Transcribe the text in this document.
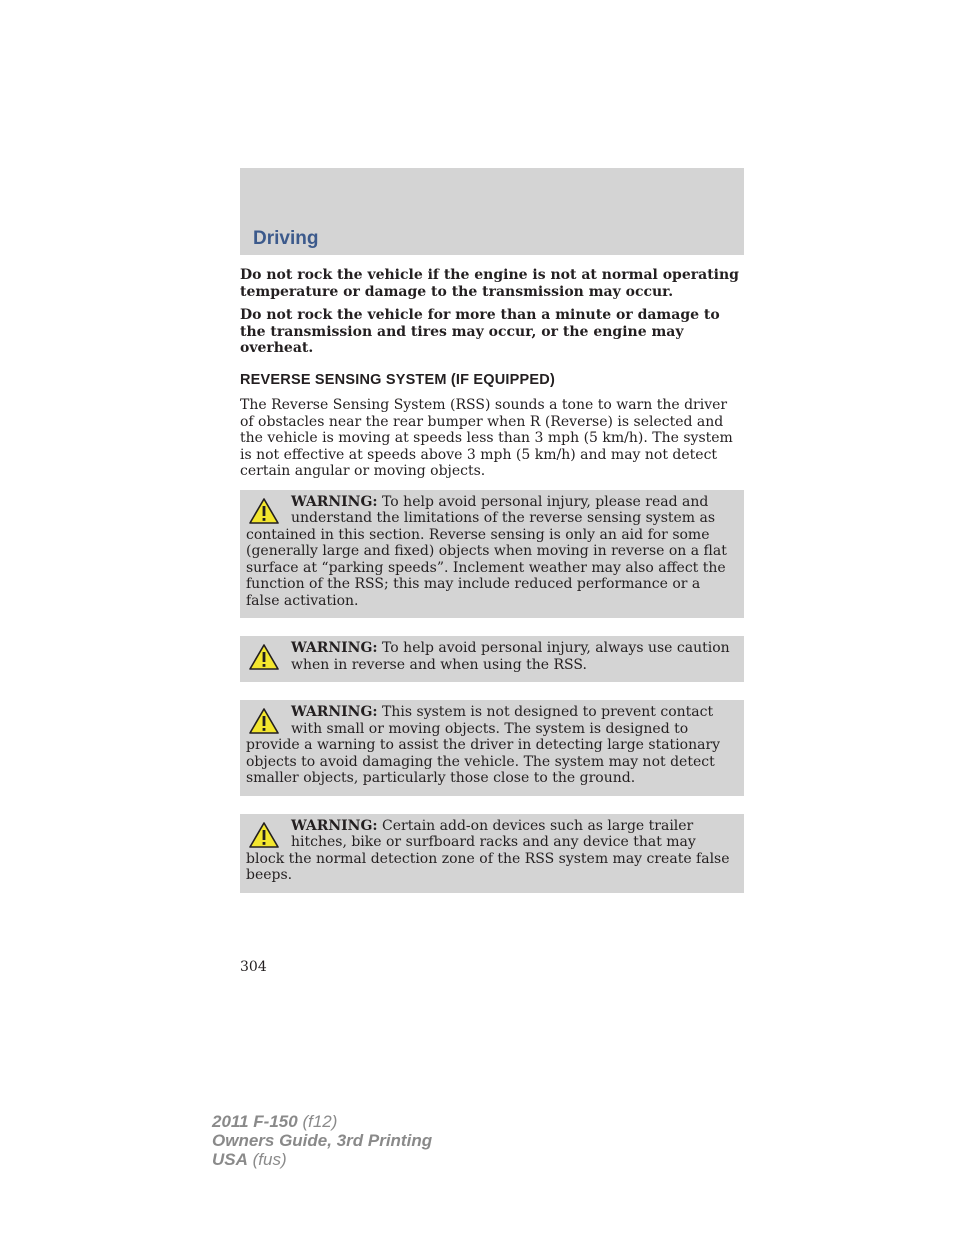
Driving

Do not rock the vehicle if the engine is not at normal operating temperature or damage to the transmission may occur.

Do not rock the vehicle for more than a minute or damage to the transmission and tires may occur, or the engine may overheat.

REVERSE SENSING SYSTEM (IF EQUIPPED)

The Reverse Sensing System (RSS) sounds a tone to warn the driver of obstacles near the rear bumper when R (Reverse) is selected and the vehicle is moving at speeds less than 3 mph (5 km/h). The system is not effective at speeds above 3 mph (5 km/h) and may not detect certain angular or moving objects.

WARNING: To help avoid personal injury, please read and understand the limitations of the reverse sensing system as contained in this section. Reverse sensing is only an aid for some (generally large and fixed) objects when moving in reverse on a flat surface at “parking speeds”. Inclement weather may also affect the function of the RSS; this may include reduced performance or a false activation.
WARNING: To help avoid personal injury, always use caution when in reverse and when using the RSS.
WARNING: This system is not designed to prevent contact with small or moving objects. The system is designed to provide a warning to assist the driver in detecting large stationary objects to avoid damaging the vehicle. The system may not detect smaller objects, particularly those close to the ground.
WARNING: Certain add-on devices such as large trailer hitches, bike or surfboard racks and any device that may block the normal detection zone of the RSS system may create false beeps.
304
2011 F-150 (f12)
Owners Guide, 3rd Printing
USA (fus)
